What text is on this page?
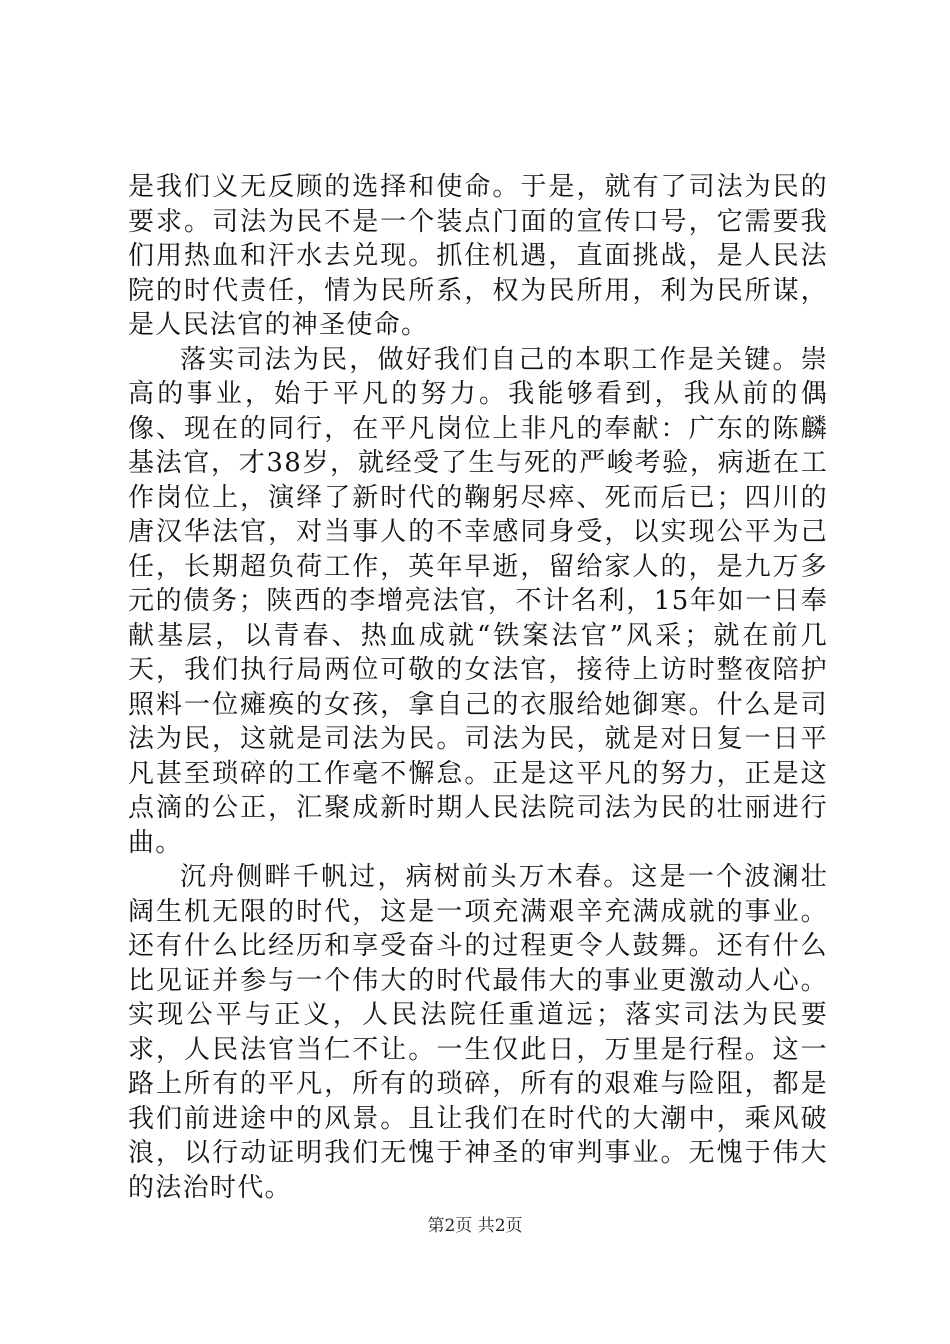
是我们义无反顾的选择和使命。于是，就有了司法为民的要求。司法为民不是一个装点门面的宣传口号，它需要我们用热血和汗水去兑现。抓住机遇，直面挑战，是人民法院的时代责任，情为民所系，权为民所用，利为民所谋，是人民法官的神圣使命。

落实司法为民，做好我们自己的本职工作是关键。崇高的事业，始于平凡的努力。我能够看到，我从前的偶像、现在的同行，在平凡岗位上非凡的奉献：广东的陈麟基法官，才38岁，就经受了生与死的严峻考验，病逝在工作岗位上，演绎了新时代的鞠躬尽瘁、死而后已；四川的唐汉华法官，对当事人的不幸感同身受，以实现公平为己任，长期超负荷工作，英年早逝，留给家人的，是九万多元的债务；陕西的李增亮法官，不计名利，15年如一日奉献基层，以青春、热血成就“铁案法官”风采；就在前几天，我们执行局两位可敬的女法官，接待上访时整夜陪护照料一位瘫痪的女孩，拿自己的衣服给她御寒。什么是司法为民，这就是司法为民。司法为民，就是对日复一日平凡甚至琐碎的工作毫不懈怠。正是这平凡的努力，正是这点滴的公正，汇聚成新时期人民法院司法为民的壮丽进行曲。

沉舟侧畔千帆过，病树前头万木春。这是一个波澜壮阔生机无限的时代，这是一项充满艰辛充满成就的事业。还有什么比经历和享受奋斗的过程更令人鼓舞。还有什么比见证并参与一个伟大的时代最伟大的事业更激动人心。实现公平与正义，人民法院任重道远；落实司法为民要求，人民法官当仁不让。一生仅此日，万里是行程。这一路上所有的平凡，所有的琐碎，所有的艰难与险阻，都是我们前进途中的风景。且让我们在时代的大潮中，乘风破浪，以行动证明我们无愧于神圣的审判事业。无愧于伟大的法治时代。

第2页 共2页
